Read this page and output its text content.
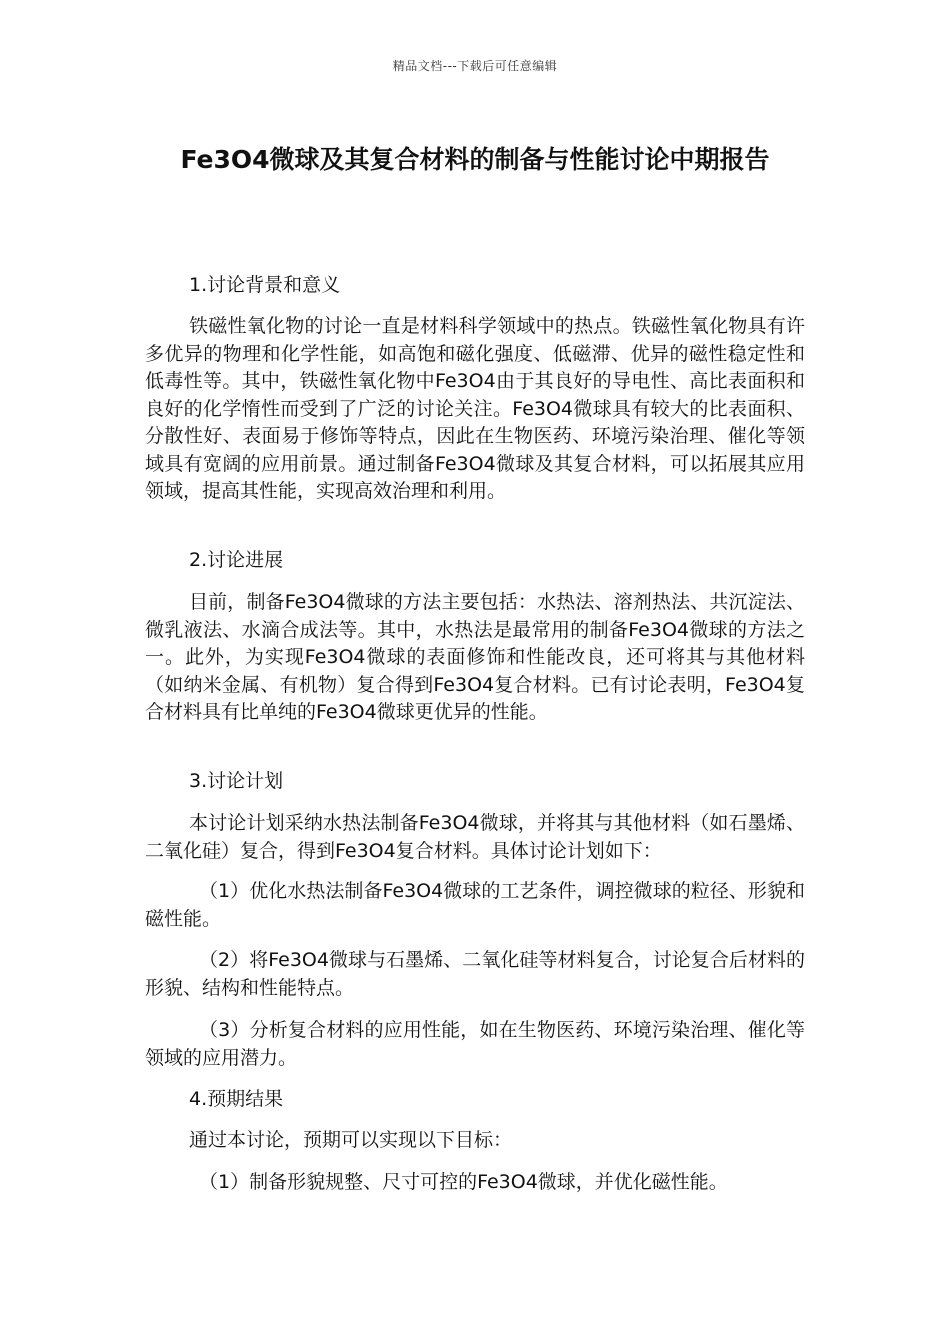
精品文档---下载后可任意编辑
Fe3O4微球及其复合材料的制备与性能讨论中期报告

1.讨论背景和意义

铁磁性氧化物的讨论一直是材料科学领域中的热点。铁磁性氧化物具有许多优异的物理和化学性能，如高饱和磁化强度、低磁滞、优异的磁性稳定性和低毒性等。其中，铁磁性氧化物中Fe3O4由于其良好的导电性、高比表面积和良好的化学惰性而受到了广泛的讨论关注。Fe3O4微球具有较大的比表面积、分散性好、表面易于修饰等特点，因此在生物医药、环境污染治理、催化等领域具有宽阔的应用前景。通过制备Fe3O4微球及其复合材料，可以拓展其应用领域，提高其性能，实现高效治理和利用。

2.讨论进展

目前，制备Fe3O4微球的方法主要包括：水热法、溶剂热法、共沉淀法、微乳液法、水滴合成法等。其中，水热法是最常用的制备Fe3O4微球的方法之一。此外，为实现Fe3O4微球的表面修饰和性能改良，还可将其与其他材料（如纳米金属、有机物）复合得到Fe3O4复合材料。已有讨论表明，Fe3O4复合材料具有比单纯的Fe3O4微球更优异的性能。

3.讨论计划

本讨论计划采纳水热法制备Fe3O4微球，并将其与其他材料（如石墨烯、二氧化硅）复合，得到Fe3O4复合材料。具体讨论计划如下：

（1）优化水热法制备Fe3O4微球的工艺条件，调控微球的粒径、形貌和磁性能。

（2）将Fe3O4微球与石墨烯、二氧化硅等材料复合，讨论复合后材料的形貌、结构和性能特点。

（3）分析复合材料的应用性能，如在生物医药、环境污染治理、催化等领域的应用潜力。

4.预期结果

通过本讨论，预期可以实现以下目标：

（1）制备形貌规整、尺寸可控的Fe3O4微球，并优化磁性能。
